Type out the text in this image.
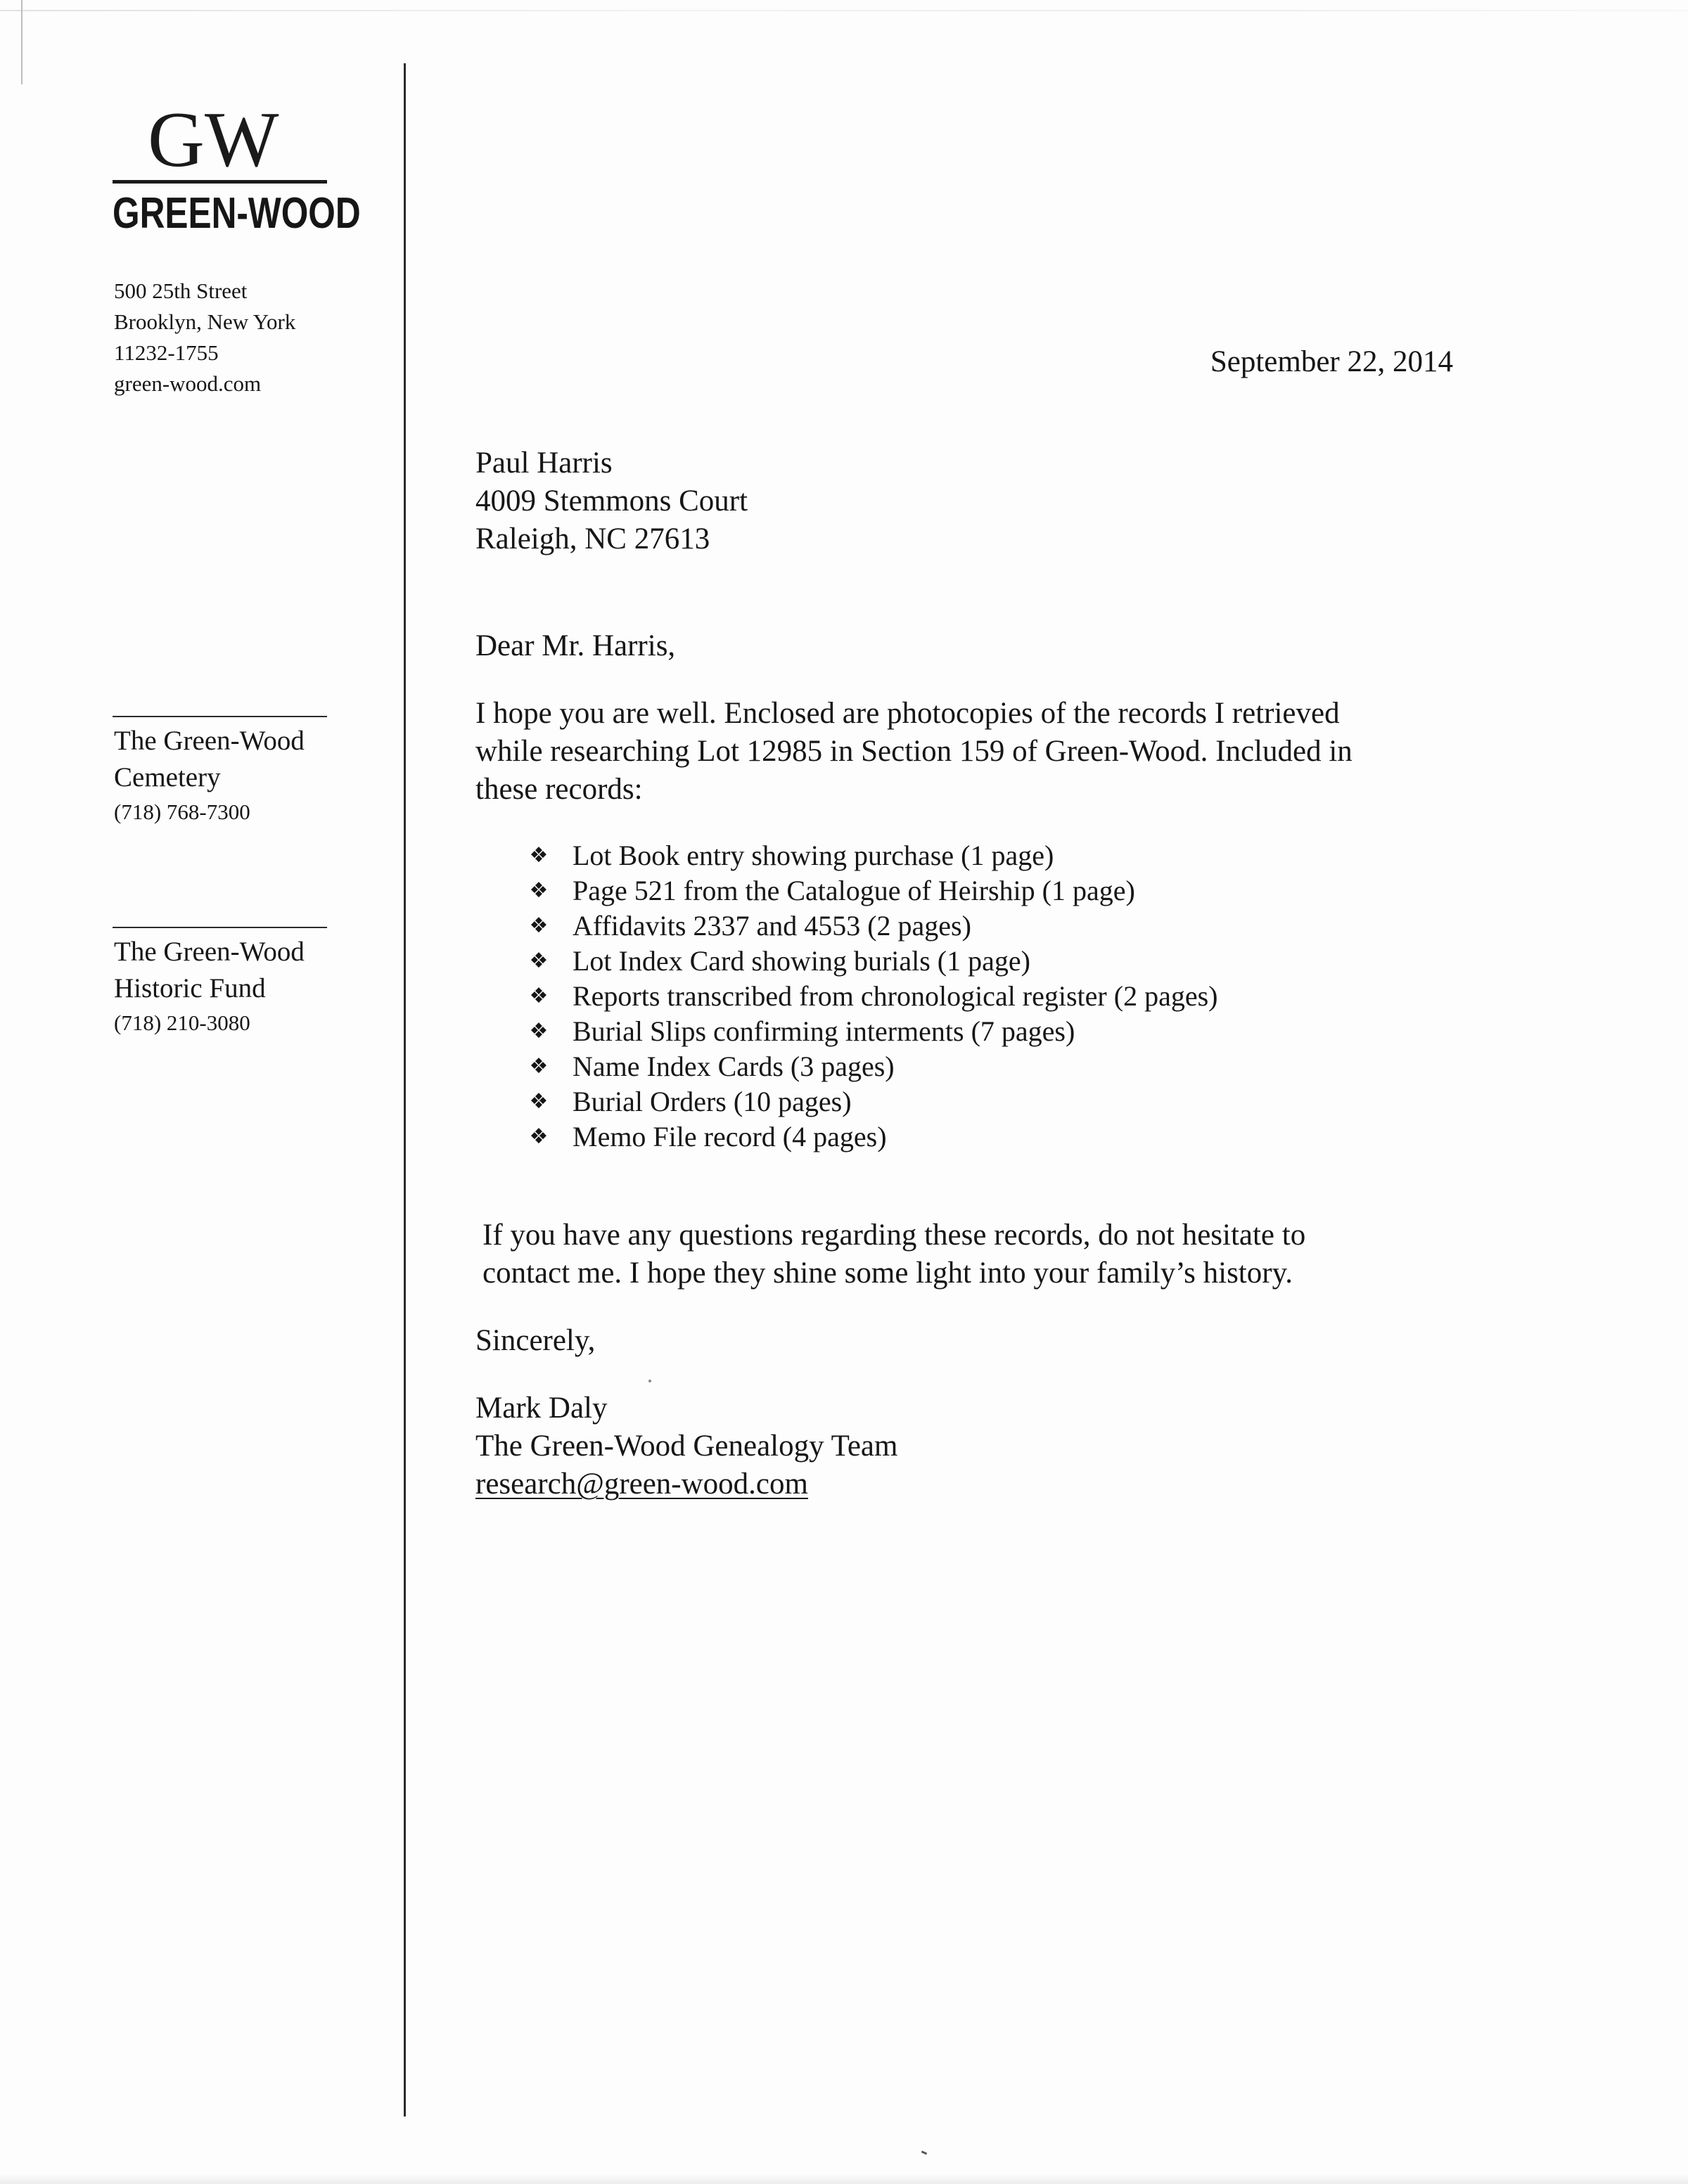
GW
GREEN-WOOD
500 25th Street
Brooklyn, New York
11232-1755
green-wood.com
The Green-Wood
Cemetery
(718) 768-7300
The Green-Wood
Historic Fund
(718) 210-3080
September 22, 2014
Paul Harris
4009 Stemmons Court
Raleigh, NC 27613
Dear Mr. Harris,
I hope you are well. Enclosed are photocopies of the records I retrieved
while researching Lot 12985 in Section 159 of Green-Wood. Included in
these records:
❖ Lot Book entry showing purchase (1 page)
❖ Page 521 from the Catalogue of Heirship (1 page)
❖ Affidavits 2337 and 4553 (2 pages)
❖ Lot Index Card showing burials (1 page)
❖ Reports transcribed from chronological register (2 pages)
❖ Burial Slips confirming interments (7 pages)
❖ Name Index Cards (3 pages)
❖ Burial Orders (10 pages)
❖ Memo File record (4 pages)
If you have any questions regarding these records, do not hesitate to
contact me. I hope they shine some light into your family’s history.
Sincerely,
Mark Daly
The Green-Wood Genealogy Team
research@green-wood.com
